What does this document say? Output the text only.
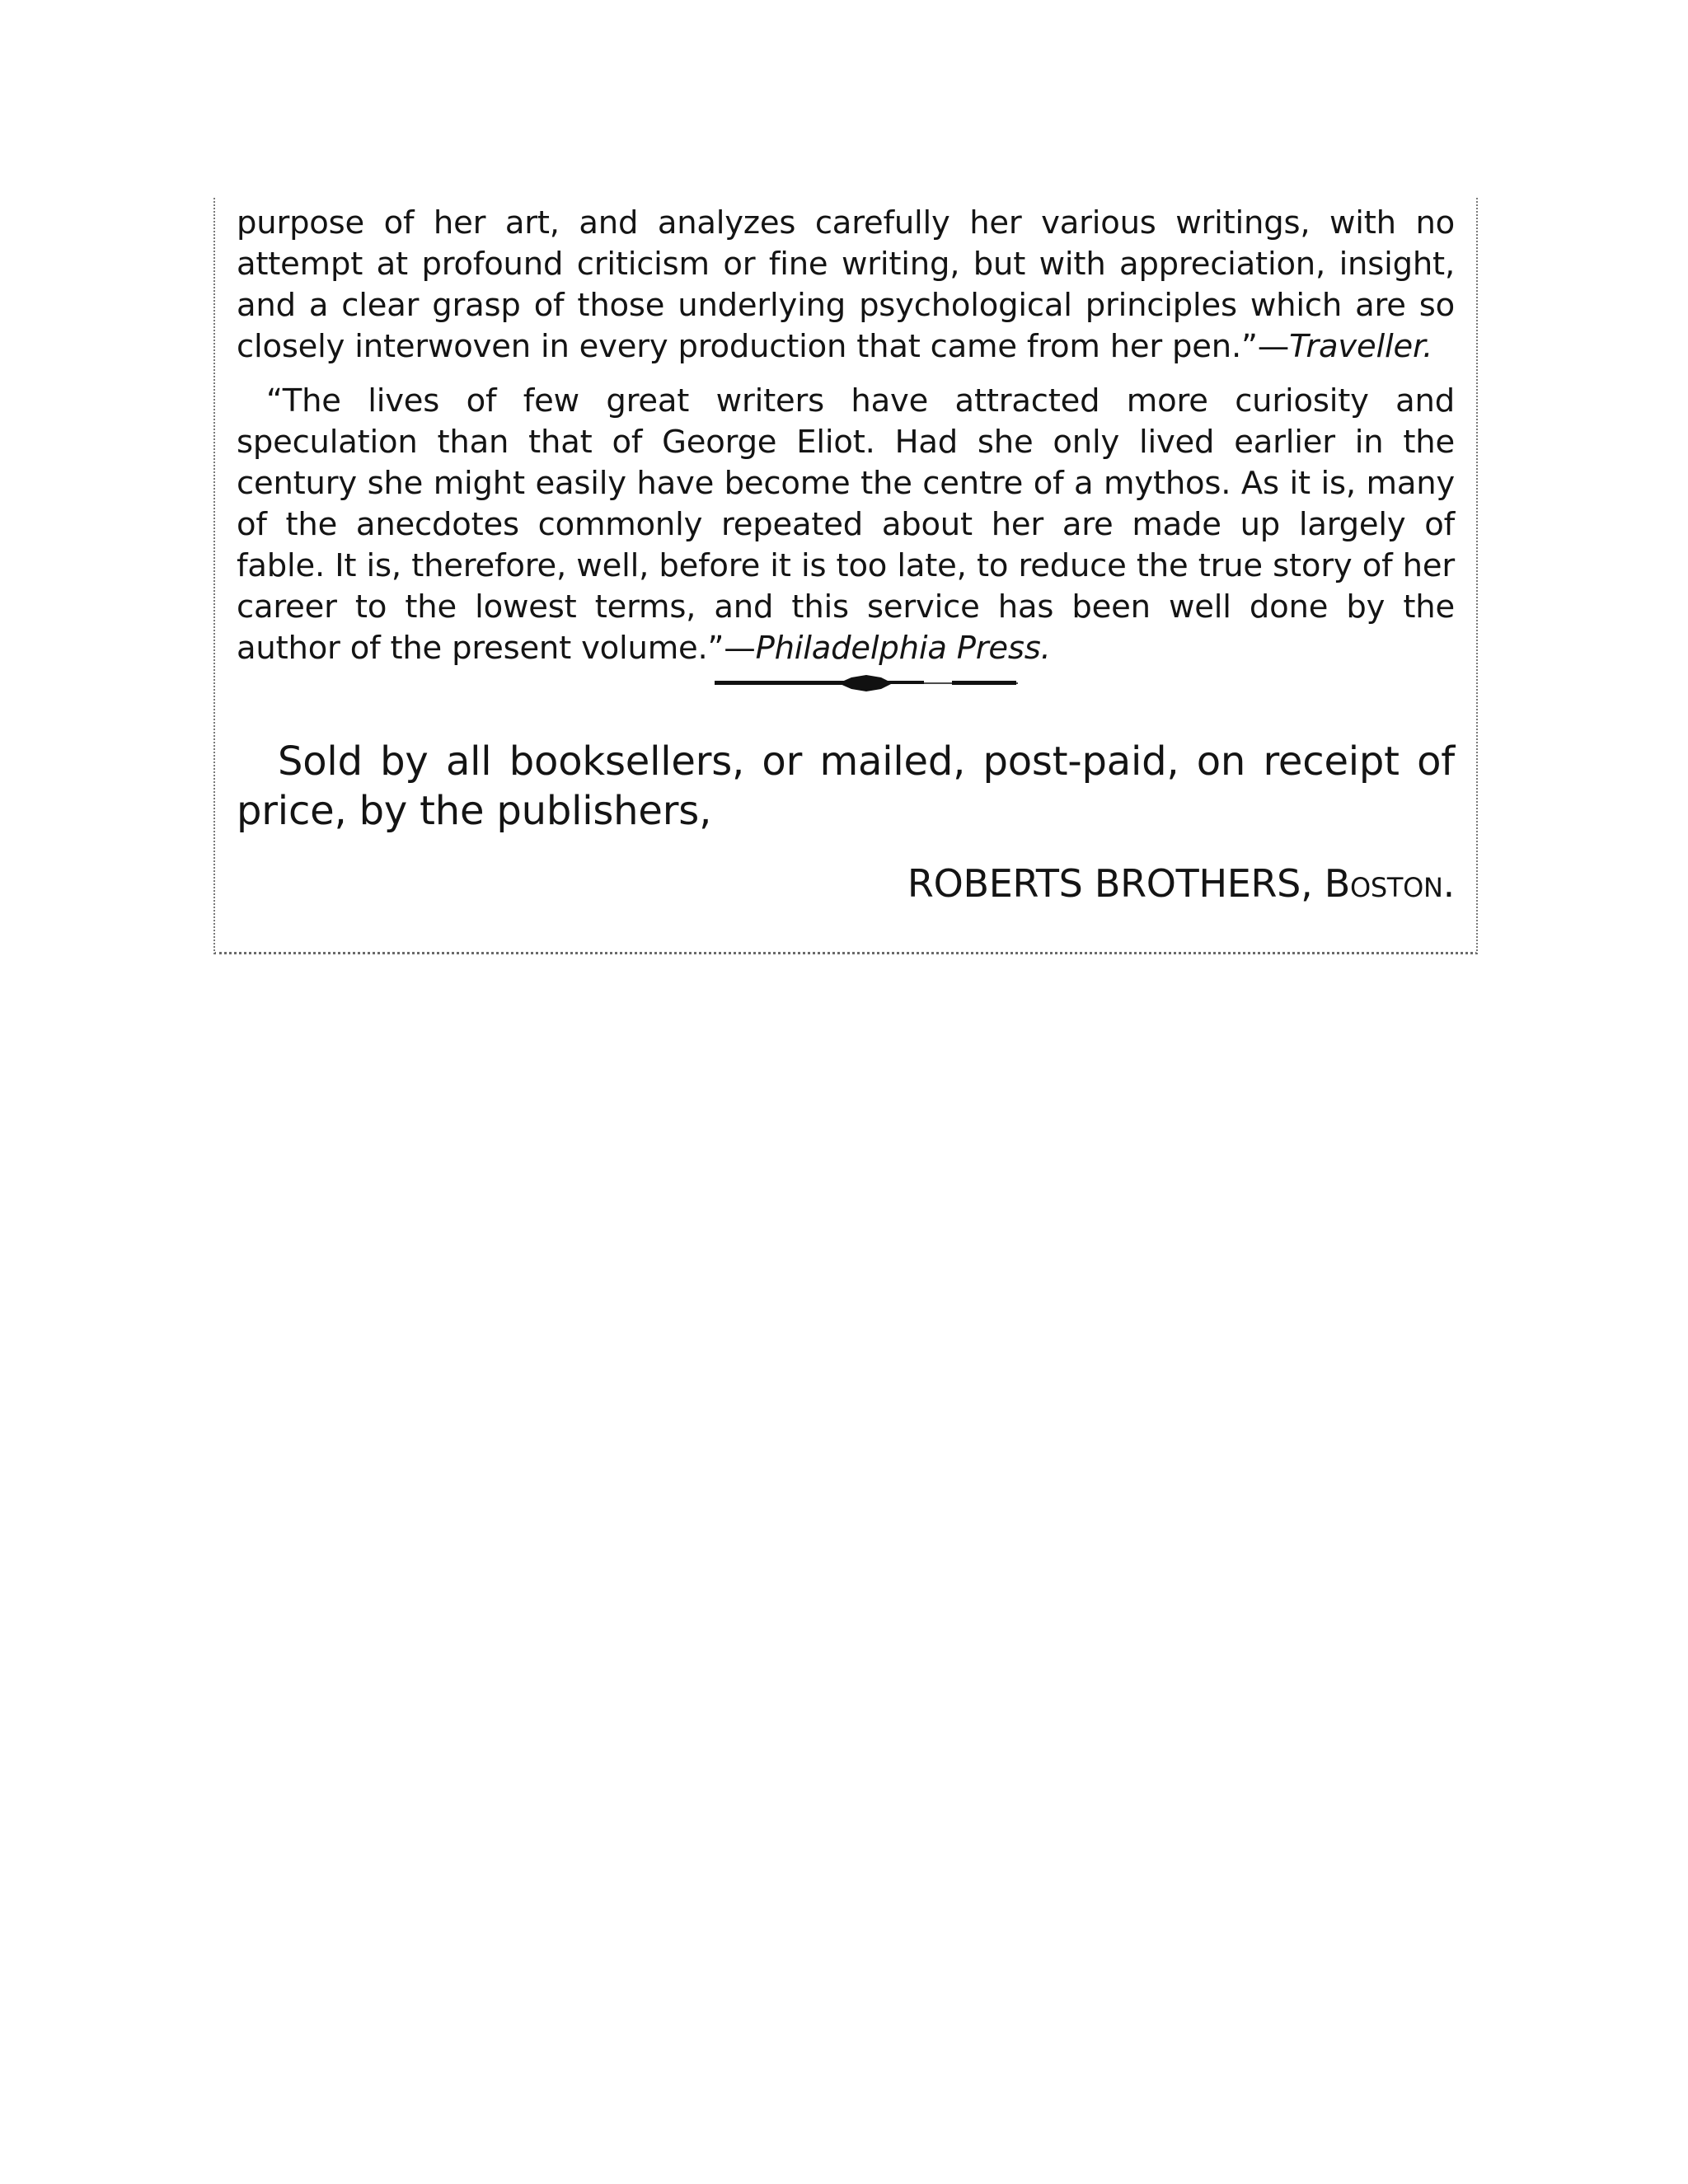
purpose of her art, and analyzes carefully her various writings, with no attempt at profound criticism or fine writing, but with appreciation, insight, and a clear grasp of those underlying psychological principles which are so closely interwoven in every production that came from her pen.”—Traveller.

“The lives of few great writers have attracted more curiosity and speculation than that of George Eliot. Had she only lived earlier in the century she might easily have become the centre of a mythos. As it is, many of the anecdotes commonly repeated about her are made up largely of fable. It is, therefore, well, before it is too late, to reduce the true story of her career to the lowest terms, and this service has been well done by the author of the present volume.”—Philadelphia Press.

Sold by all booksellers, or mailed, post-paid, on receipt of price, by the publishers,

ROBERTS BROTHERS, Boston.
